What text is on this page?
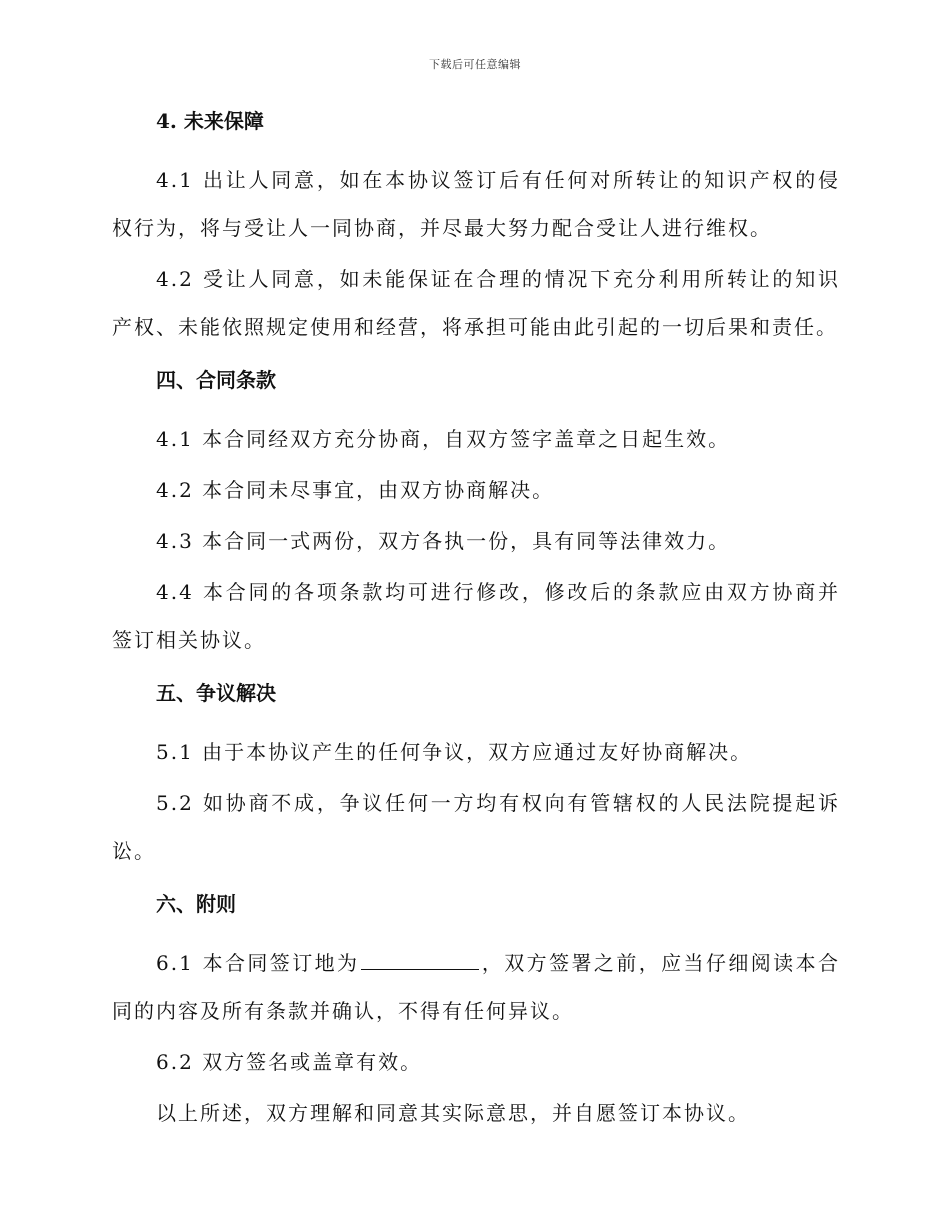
下载后可任意编辑
4. 未来保障

4.1 出让人同意，如在本协议签订后有任何对所转让的知识产权的侵权行为，将与受让人一同协商，并尽最大努力配合受让人进行维权。

4.2 受让人同意，如未能保证在合理的情况下充分利用所转让的知识产权、未能依照规定使用和经营，将承担可能由此引起的一切后果和责任。

四、合同条款

4.1 本合同经双方充分协商，自双方签字盖章之日起生效。

4.2 本合同未尽事宜，由双方协商解决。

4.3 本合同一式两份，双方各执一份，具有同等法律效力。

4.4 本合同的各项条款均可进行修改，修改后的条款应由双方协商并签订相关协议。

五、争议解决

5.1 由于本协议产生的任何争议，双方应通过友好协商解决。

5.2 如协商不成，争议任何一方均有权向有管辖权的人民法院提起诉讼。

六、附则

6.1 本合同签订地为	，双方签署之前，应当仔细阅读本合同的内容及所有条款并确认，不得有任何异议。

6.2 双方签名或盖章有效。

以上所述，双方理解和同意其实际意思，并自愿签订本协议。
